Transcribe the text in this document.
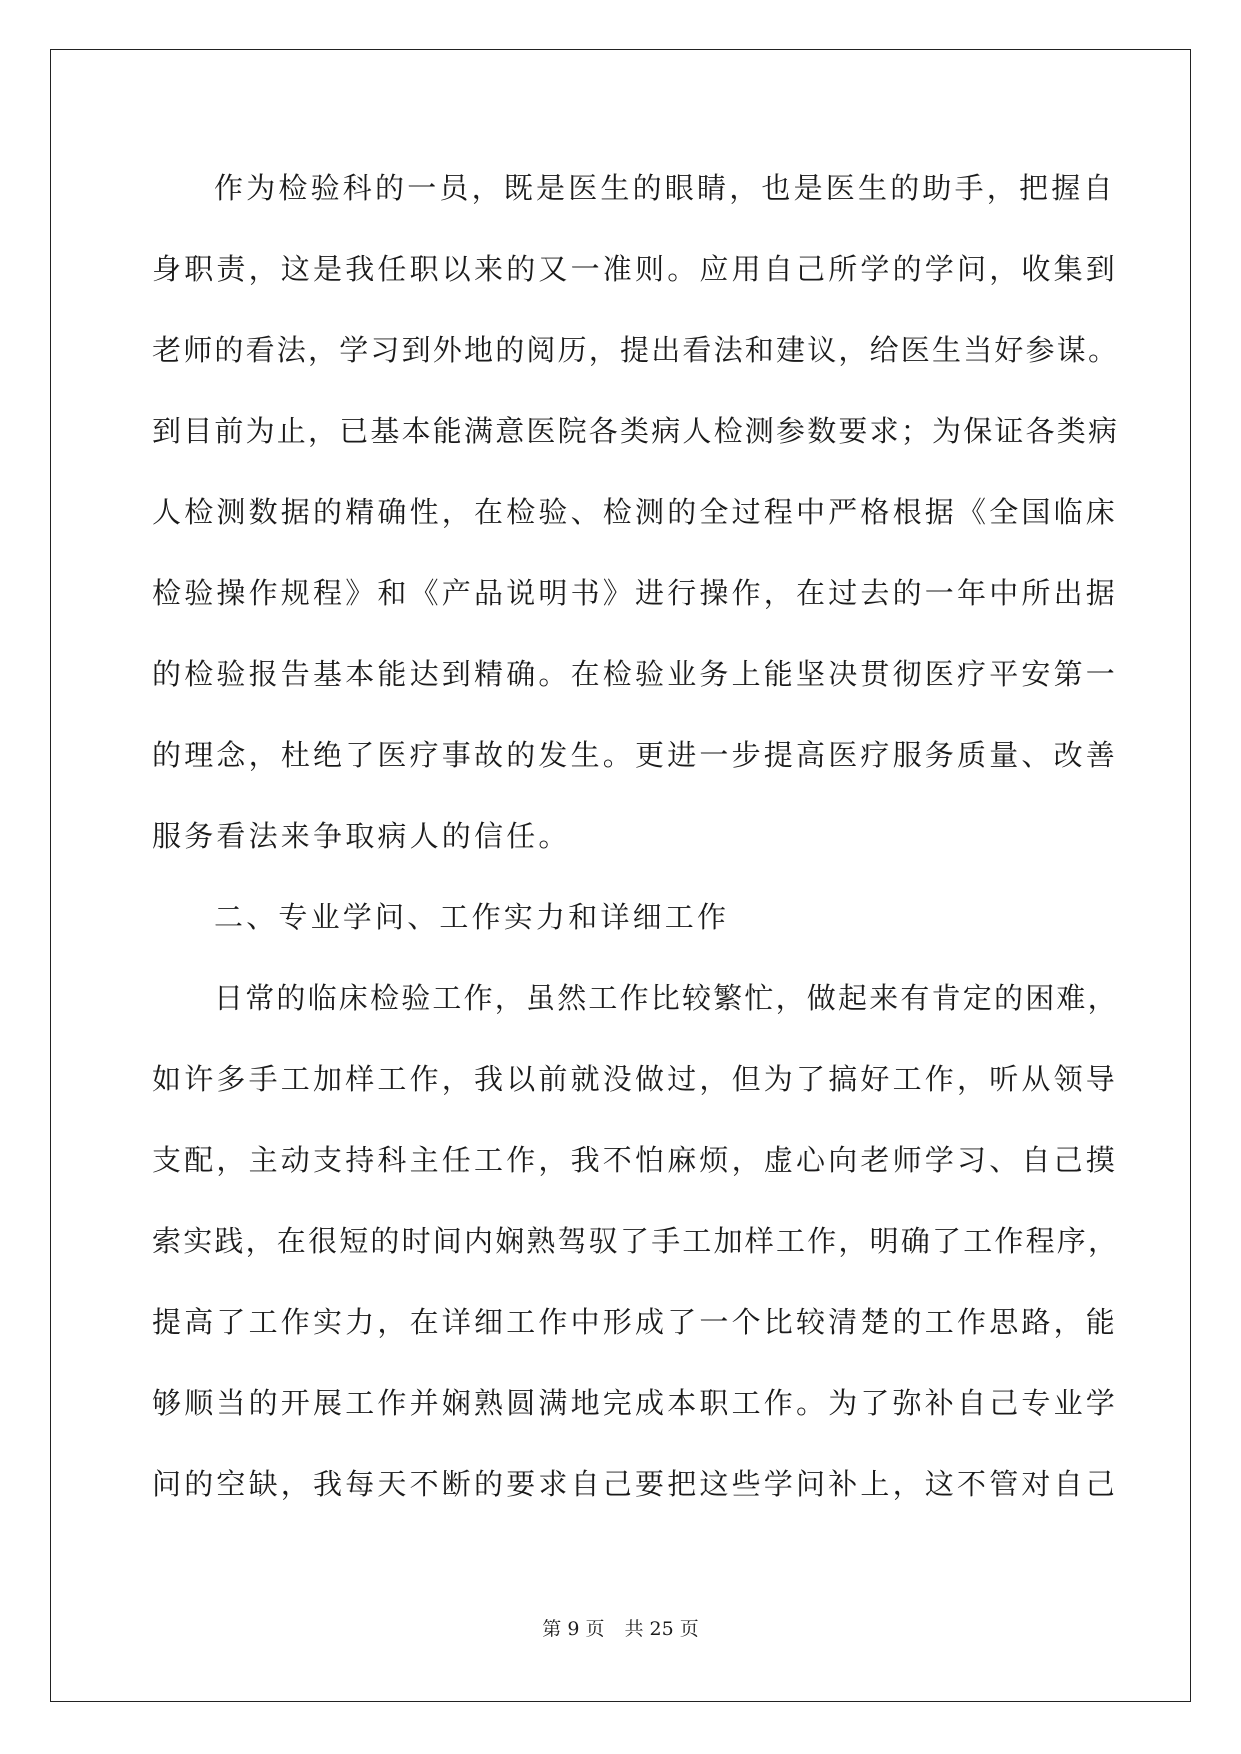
作为检验科的一员，既是医生的眼睛，也是医生的助手，把握自
身职责，这是我任职以来的又一准则。应用自己所学的学问，收集到
老师的看法，学习到外地的阅历，提出看法和建议，给医生当好参谋。
到目前为止，已基本能满意医院各类病人检测参数要求；为保证各类病
人检测数据的精确性，在检验、检测的全过程中严格根据《全国临床
检验操作规程》和《产品说明书》进行操作，在过去的一年中所出据
的检验报告基本能达到精确。在检验业务上能坚决贯彻医疗平安第一
的理念，杜绝了医疗事故的发生。更进一步提高医疗服务质量、改善
服务看法来争取病人的信任。
二、专业学问、工作实力和详细工作
日常的临床检验工作，虽然工作比较繁忙，做起来有肯定的困难，
如许多手工加样工作，我以前就没做过，但为了搞好工作，听从领导
支配，主动支持科主任工作，我不怕麻烦，虚心向老师学习、自己摸
索实践，在很短的时间内娴熟驾驭了手工加样工作，明确了工作程序，
提高了工作实力，在详细工作中形成了一个比较清楚的工作思路，能
够顺当的开展工作并娴熟圆满地完成本职工作。为了弥补自己专业学
问的空缺，我每天不断的要求自己要把这些学问补上，这不管对自己
第 9 页 共 25 页
